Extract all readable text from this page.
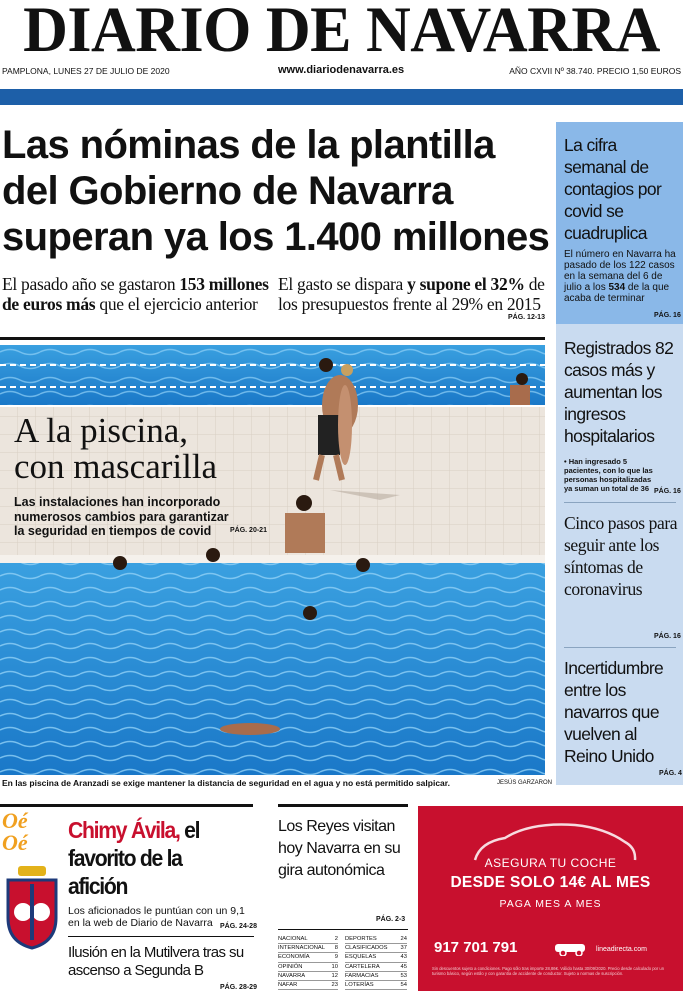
DIARIO DE NAVARRA
PAMPLONA, LUNES 27 DE JULIO DE 2020	www.diariodenavarra.es	AÑO CXVII Nº 38.740. PRECIO 1,50 EUROS
Las nóminas de la plantilla
del Gobierno de Navarra
superan ya los 1.400 millones
El pasado año se gastaron 153 millones de euros más que el ejercicio anterior
El gasto se dispara y supone el 32% de los presupuestos frente al 29% en 2015
PÁG. 12-13
A la piscina,
con mascarilla
Las instalaciones han incorporado numerosos cambios para garantizar la seguridad en tiempos de covid	PÁG. 20-21
En las piscina de Aranzadi se exige mantener la distancia de seguridad en el agua y no está permitido salpicar.	JESÚS GARZARON
La cifra semanal de contagios por covid se cuadruplica
El número en Navarra ha pasado de los 122 casos en la semana del 6 de julio a los 534 de la que acaba de terminar
PÁG. 16
Registrados 82 casos más y aumentan los ingresos hospitalarios
• Han ingresado 5 pacientes, con lo que las personas hospitalizadas ya suman un total de 36 PÁG. 16
Cinco pasos para seguir ante los síntomas de coronavirus
PÁG. 16
Incertidumbre entre los navarros que vuelven al Reino Unido
PÁG. 4
Oé Oé	Chimy Ávila, el favorito de la afición
Los aficionados le puntúan con un 9,1 en la web de Diario de Navarra	PÁG. 24-28
Ilusión en la Mutilvera tras su ascenso a Segunda B
PÁG. 28-29
Los Reyes visitan hoy Navarra en su gira autonómica
PÁG. 2-3
NACIONAL	2
INTERNACIONAL 8
ECONOMÍA	9
OPINIÓN	10
NAVARRA	12
NAFAR	23
DEPORTES	24
CLASIFICADOS 37
ESQUELAS	43
CARTELERA	45
FARMACIAS	53
LOTERÍAS	54
ASEGURA TU COCHE
DESDE SOLO 14€ AL MES
PAGA MES A MES
917 701 791	lineadirecta.com
Sin descuentos sujeto a condiciones. Pago sólo tras importe 28,86€. Válido hasta 30/09/2020. Precio desde calculado por un turismo básico, según estilo y con garantía de accidente de conductor. Sujeto a normas de suscripción.
